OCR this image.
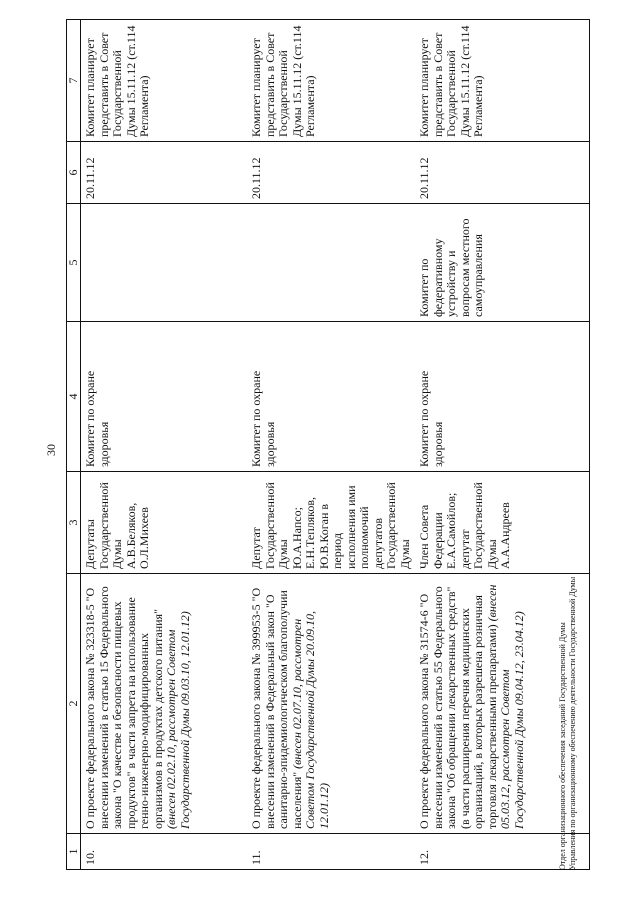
30
1	2	3	4	5	6	7
10.	О проекте федерального закона № 323318-5 "О внесении изменений в статью 15 Федерального закона "О качестве и безопасности пищевых продуктов" в части запрета на использование генно-инженерно-модифицированных организмов в продуктах детского питания" (внесен 02.02.10, рассмотрен Советом Государственной Думы 09.03.10, 12.01.12)	Депутаты Государственной Думы А.В.Беляков, О.Л.Михеев	Комитет по охране здоровья		20.11.12	Комитет планирует представить в Совет Государственной Думы 15.11.12 (ст.114 Регламента)
11.	О проекте федерального закона № 399953-5 "О внесении изменений в Федеральный закон "О санитарно-эпидемиологическом благополучии населения" (внесен 02.07.10, рассмотрен Советом Государственной Думы 20.09.10, 12.01.12)	Депутат Государственной Думы Ю.А.Напсо; Е.Н.Тепляков, Ю.В.Коган в период исполнения ими полномочий депутатов Государственной Думы	Комитет по охране здоровья		20.11.12	Комитет планирует представить в Совет Государственной Думы 15.11.12 (ст.114 Регламента)
12.	О проекте федерального закона № 31574-6 "О внесении изменений в статью 55 Федерального закона "Об обращении лекарственных средств" (в части расширения перечня медицинских организаций, в которых разрешена розничная торговля лекарственными препаратами) (внесен 05.03.12, рассмотрен Советом Государственной Думы 09.04.12, 23.04.12)	Член Совета Федерации Е.А.Самойлов; депутат Государственной Думы А.А.Андреев	Комитет по охране здоровья	Комитет по федеративному устройству и вопросам местного самоуправления	20.11.12	Комитет планирует представить в Совет Государственной Думы 15.11.12 (ст.114 Регламента)
Отдел организационного обеспечения заседаний Государственной Думы Управления по организационному обеспечению деятельности Государственной Думы
